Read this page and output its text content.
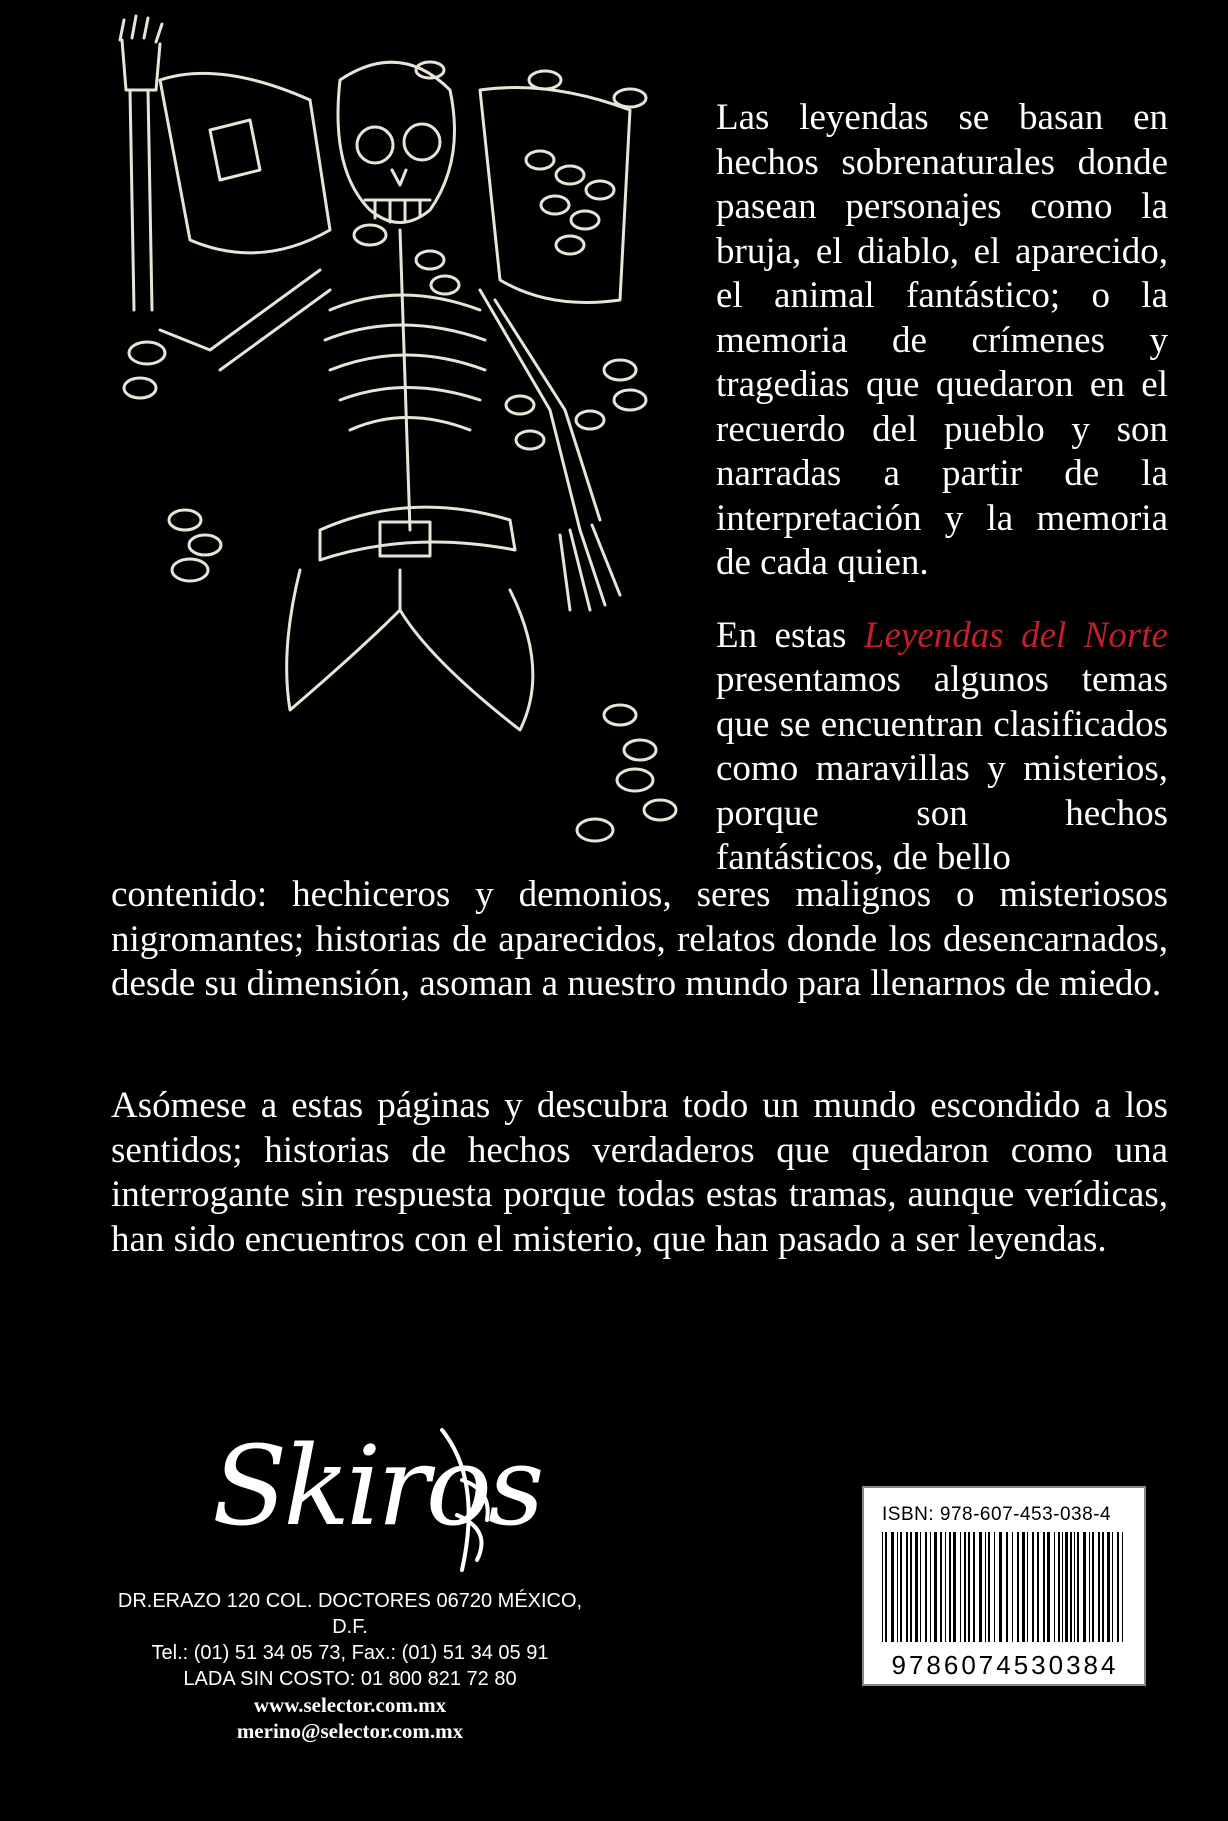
Las leyendas se basan en hechos sobrenaturales donde pasean personajes como la bruja, el diablo, el aparecido, el animal fantástico; o la memoria de crímenes y tragedias que quedaron en el recuerdo del pueblo y son narradas a partir de la interpretación y la memoria de cada quien.

En estas Leyendas del Norte presentamos algunos temas que se encuentran clasificados como maravillas y misterios, porque son hechos fantásticos, de bello

contenido: hechiceros y demonios, seres malignos o misteriosos nigromantes; historias de aparecidos, relatos donde los desencarnados, desde su dimensión, asoman a nuestro mundo para llenarnos de miedo.

Asómese a estas páginas y descubra todo un mundo escondido a los sentidos; historias de hechos verdaderos que quedaron como una interrogante sin respuesta porque todas estas tramas, aunque verídicas, han sido encuentros con el misterio, que han pasado a ser leyendas.

Skiros
DR.ERAZO 120 COL. DOCTORES 06720 MÉXICO, D.F.
Tel.: (01) 51 34 05 73, Fax.: (01) 51 34 05 91
LADA SIN COSTO: 01 800 821 72 80
www.selector.com.mx
merino@selector.com.mx
ISBN: 978-607-453-038-4
9786074530384
